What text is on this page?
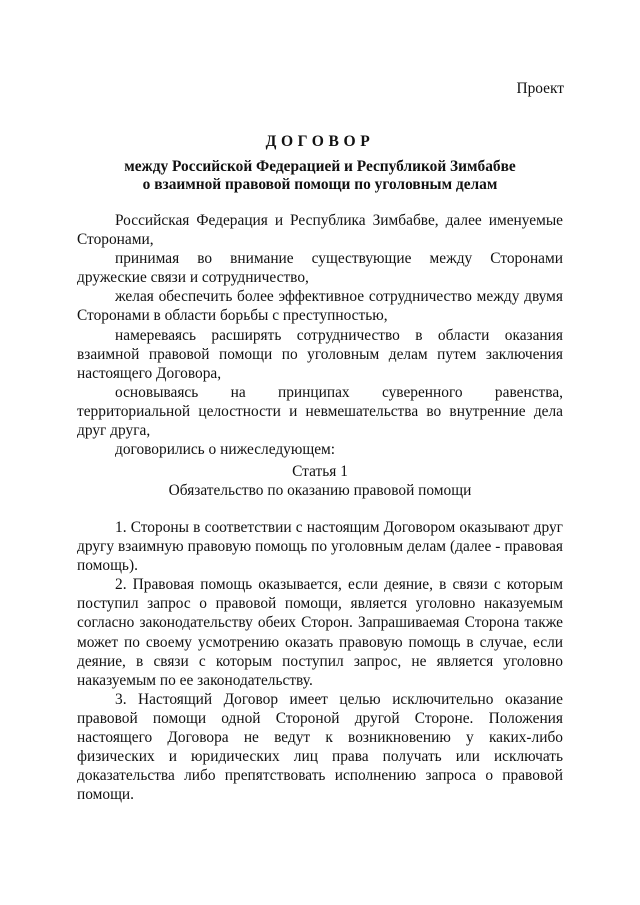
Проект
ДОГОВОР
между Российской Федерацией и Республикой Зимбабве
о взаимной правовой помощи по уголовным делам

Российская Федерация и Республика Зимбабве, далее именуемые Сторонами,

принимая во внимание существующие между Сторонами дружеские связи и сотрудничество,

желая обеспечить более эффективное сотрудничество между двумя Сторонами в области борьбы с преступностью,

намереваясь расширять сотрудничество в области оказания взаимной правовой помощи по уголовным делам путем заключения настоящего Договора,

основываясь на принципах суверенного равенства, территориальной целостности и невмешательства во внутренние дела друг друга,

договорились о нижеследующем:

Статья 1
Обязательство по оказанию правовой помощи

1. Стороны в соответствии с настоящим Договором оказывают друг другу взаимную правовую помощь по уголовным делам (далее - правовая помощь).

2. Правовая помощь оказывается, если деяние, в связи с которым поступил запрос о правовой помощи, является уголовно наказуемым согласно законодательству обеих Сторон. Запрашиваемая Сторона также может по своему усмотрению оказать правовую помощь в случае, если деяние, в связи с которым поступил запрос, не является уголовно наказуемым по ее законодательству.

3. Настоящий Договор имеет целью исключительно оказание правовой помощи одной Стороной другой Стороне. Положения настоящего Договора не ведут к возникновению у каких-либо физических и юридических лиц права получать или исключать доказательства либо препятствовать исполнению запроса о правовой помощи.
